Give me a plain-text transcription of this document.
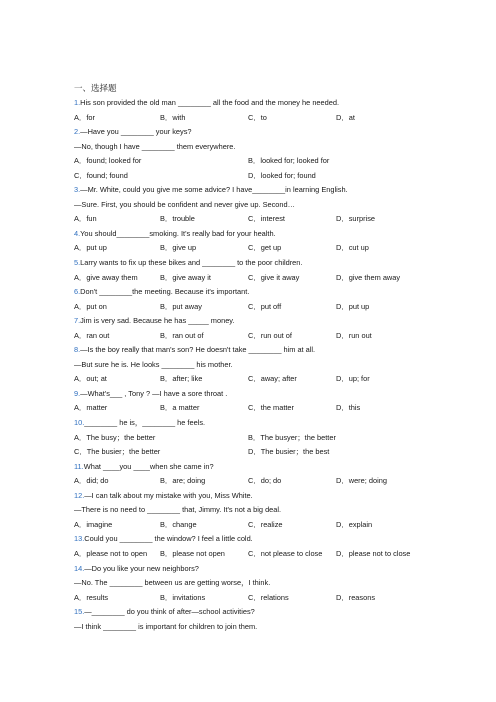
一、选择题
1.His son provided the old man ________ all the food and the money he needed.
A．for	B．with	C．to	D．at
2.—Have you ________ your keys?
—No, though I have ________ them everywhere.
A．found; looked for	B．looked for; looked for
C．found; found	D．looked for; found
3.—Mr. White, could you give me some advice? I have________in learning English.
—Sure. First, you should be confident and never give up. Second…
A．fun	B．trouble	C．interest	D．surprise
4.You should________smoking. It's really bad for your health.
A．put up	B．give up	C．get up	D．cut up
5.Larry wants to fix up these bikes and ________ to the poor children.
A．give away them	B．give away it	C．give it away	D．give them away
6.Don't ________the meeting. Because it's important.
A．put on	B．put away	C．put off	D．put up
7.Jim is very sad. Because he has _____ money.
A．ran out	B．ran out of	C．run out of	D．run out
8.—Is the boy really that man's son? He doesn't take ________ him at all.
—But sure he is. He looks ________ his mother.
A．out; at	B．after; like	C．away; after	D．up; for
9.—What's___ , Tony ? —I have a sore throat .
A．matter	B．a matter	C．the matter	D．this
10.________ he is，________ he feels.
A．The busy；the better	B．The busyer；the better
C．The busier；the better	D．The busier；the best
11.What ____you ____when she came in?
A．did; do	B．are; doing	C．do; do	D．were; doing
12.—I can talk about my mistake with you, Miss White.
—There is no need to ________ that, Jimmy. It's not a big deal.
A．imagine	B．change	C．realize	D．explain
13.Could you ________ the window? I feel a little cold.
A．please not to open B．please not open	C．not please to close D．please not to close
14.—Do you like your new neighbors?
—No. The ________ between us are getting worse，I think.
A．results	B．invitations	C．relations	D．reasons
15.—________ do you think of after—school activities?
—I think ________ is important for children to join them.
